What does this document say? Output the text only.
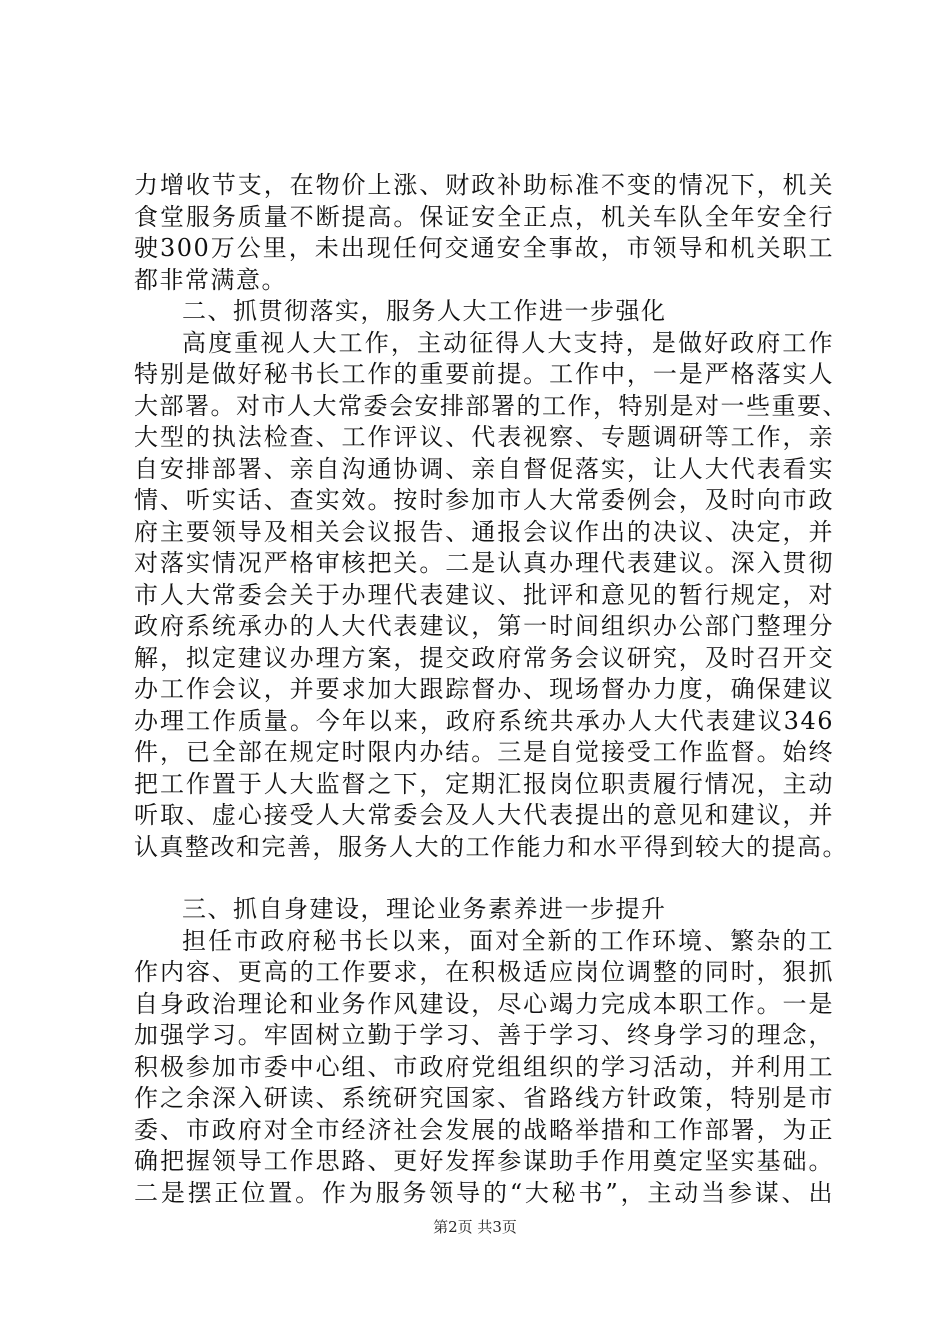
力增收节支，在物价上涨、财政补助标准不变的情况下，机关
食堂服务质量不断提高。保证安全正点，机关车队全年安全行
驶300万公里，未出现任何交通安全事故，市领导和机关职工
都非常满意。
二、抓贯彻落实，服务人大工作进一步强化
高度重视人大工作，主动征得人大支持，是做好政府工作
特别是做好秘书长工作的重要前提。工作中，一是严格落实人
大部署。对市人大常委会安排部署的工作，特别是对一些重要、
大型的执法检查、工作评议、代表视察、专题调研等工作，亲
自安排部署、亲自沟通协调、亲自督促落实，让人大代表看实
情、听实话、查实效。按时参加市人大常委例会，及时向市政
府主要领导及相关会议报告、通报会议作出的决议、决定，并
对落实情况严格审核把关。二是认真办理代表建议。深入贯彻
市人大常委会关于办理代表建议、批评和意见的暂行规定，对
政府系统承办的人大代表建议，第一时间组织办公部门整理分
解，拟定建议办理方案，提交政府常务会议研究，及时召开交
办工作会议，并要求加大跟踪督办、现场督办力度，确保建议
办理工作质量。今年以来，政府系统共承办人大代表建议346
件，已全部在规定时限内办结。三是自觉接受工作监督。始终
把工作置于人大监督之下，定期汇报岗位职责履行情况，主动
听取、虚心接受人大常委会及人大代表提出的意见和建议，并
认真整改和完善，服务人大的工作能力和水平得到较大的提高。
三、抓自身建设，理论业务素养进一步提升
担任市政府秘书长以来，面对全新的工作环境、繁杂的工
作内容、更高的工作要求，在积极适应岗位调整的同时，狠抓
自身政治理论和业务作风建设，尽心竭力完成本职工作。一是
加强学习。牢固树立勤于学习、善于学习、终身学习的理念，
积极参加市委中心组、市政府党组组织的学习活动，并利用工
作之余深入研读、系统研究国家、省路线方针政策，特别是市
委、市政府对全市经济社会发展的战略举措和工作部署，为正
确把握领导工作思路、更好发挥参谋助手作用奠定坚实基础。
二是摆正位置。作为服务领导的“大秘书”，主动当参谋、出
第2页 共3页
